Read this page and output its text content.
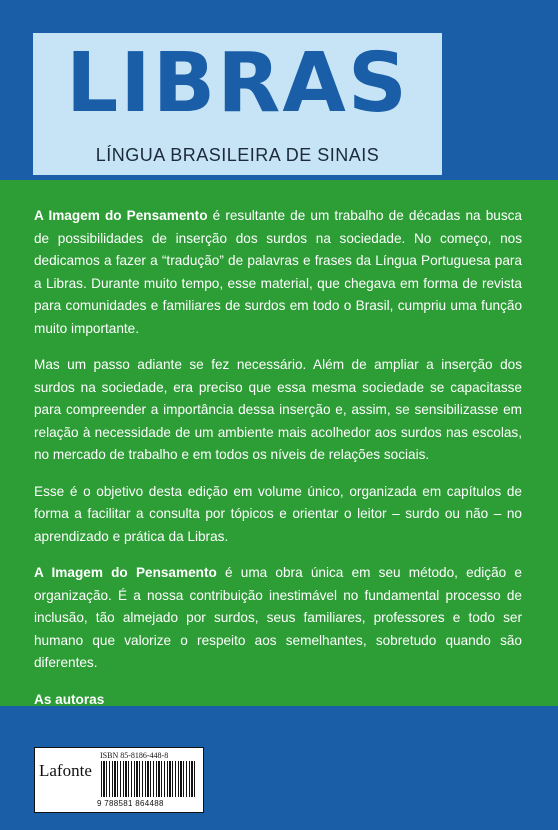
LIBRAS
LÍNGUA BRASILEIRA DE SINAIS

A Imagem do Pensamento é resultante de um trabalho de décadas na busca de possibilidades de inserção dos surdos na sociedade. No começo, nos dedicamos a fazer a “tradução” de palavras e frases da Língua Portuguesa para a Libras. Durante muito tempo, esse material, que chegava em forma de revista para comunidades e familiares de surdos em todo o Brasil, cumpriu uma função muito importante.

Mas um passo adiante se fez necessário. Além de ampliar a inserção dos surdos na sociedade, era preciso que essa mesma sociedade se capacitasse para compreender a importância dessa inserção e, assim, se sensibilizasse em relação à necessidade de um ambiente mais acolhedor aos surdos nas escolas, no mercado de trabalho e em todos os níveis de relações sociais.

Esse é o objetivo desta edição em volume único, organizada em capítulos de forma a facilitar a consulta por tópicos e orientar o leitor – surdo ou não – no aprendizado e prática da Libras.

A Imagem do Pensamento é uma obra única em seu método, edição e organização. É a nossa contribuição inestimável no fundamental processo de inclusão, tão almejado por surdos, seus familiares, professores e todo ser humano que valorize o respeito aos semelhantes, sobretudo quando são diferentes.

As autoras

Lafonte
ISBN 85-8186-448-8
9 788581 864488
